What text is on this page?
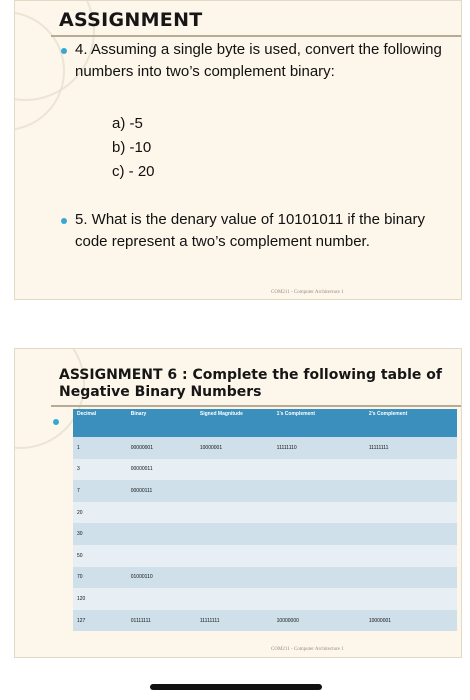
ASSIGNMENT
4. Assuming a single byte is used, convert the following numbers into two’s complement binary:
a) -5
b) -10
c) - 20
5. What is the denary value of 10101011 if the binary code represent a two’s complement number.
COM211 - Computer Architecture 1
ASSIGNMENT 6 : Complete the following table of Negative Binary Numbers
Decimal	Binary	Signed Magnitude	1’s Complement	2’s Complement
1	00000001	10000001	11111110	11111111
3	00000011			
7	00000111			
20				
30				
50				
70	01000110			
120				
127	01111111	11111111	10000000	10000001
COM211 - Computer Architecture 1
